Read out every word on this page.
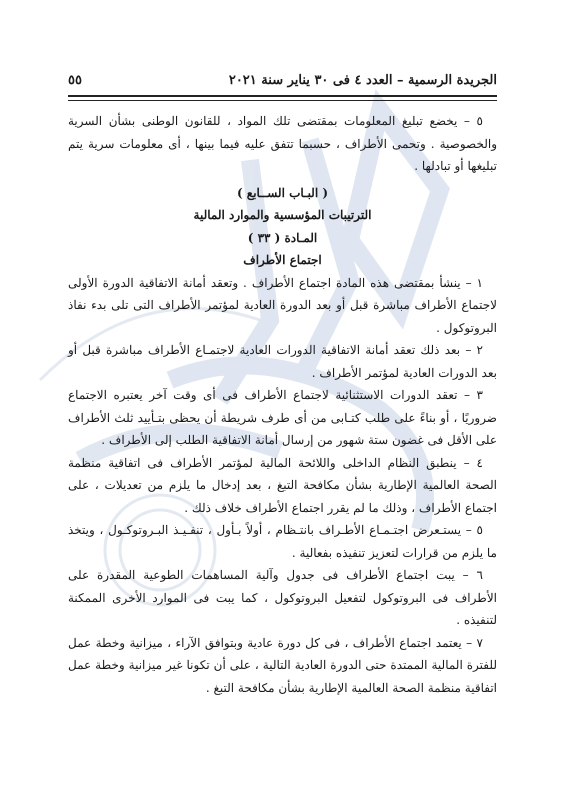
الجريدة الرسمية – العدد ٤ فى ٣٠ يناير سنة ٢٠٢١
٥٥

٥ – يخضع تبليغ المعلومات بمقتضى تلك المواد ، للقانون الوطنى بشأن السرية والخصوصية . وتحمى الأطراف ، حسبما تتفق عليه فيما بينها ، أى معلومات سرية يتم تبليغها أو تبادلها .

( البـاب الســابع )

الترتيبات المؤسسية والموارد المالية

المـادة ( ٣٣ )

اجتماع الأطراف

١ – ينشأ بمقتضى هذه المادة اجتماع الأطراف . وتعقد أمانة الاتفاقية الدورة الأولى لاجتماع الأطراف مباشرة قبل أو بعد الدورة العادية لمؤتمر الأطراف التى تلى بدء نفاذ البروتوكول .

٢ – بعد ذلك تعقد أمانة الاتفاقية الدورات العادية لاجتمـاع الأطراف مباشرة قبل أو بعد الدورات العادية لمؤتمر الأطراف .

٣ – تعقد الدورات الاستثنائية لاجتماع الأطراف فى أى وقت آخر يعتبره الاجتماع ضروريًا ، أو بناءً على طلب كتـابى من أى طرف شريطة أن يحظى بتـأييد ثلث الأطراف على الأقل فى غضون ستة شهور من إرسال أمانة الاتفاقية الطلب إلى الأطراف .

٤ – ينطبق النظام الداخلى واللائحة المالية لمؤتمر الأطراف فى اتفاقية منظمة الصحة العالمية الإطارية بشأن مكافحة التبغ ، بعد إدخال ما يلزم من تعديلات ، على اجتماع الأطراف ، وذلك ما لم يقرر اجتماع الأطراف خلاف ذلك .

٥ – يستـعرض اجتـمـاع الأطـراف بانتـظام ، أولاً بـأول ، تنفـيـذ البـروتوكـول ، ويتخذ ما يلزم من قرارات لتعزيز تنفيذه بفعالية .

٦ – يبت اجتماع الأطراف فى جدول وآلية المساهمات الطوعية المقدرة على الأطراف فى البروتوكول لتفعيل البروتوكول ، كما يبت فى الموارد الأخرى الممكنة لتنفيذه .

٧ – يعتمد اجتماع الأطراف ، فى كل دورة عادية وبتوافق الآراء ، ميزانية وخطة عمل للفترة المالية الممتدة حتى الدورة العادية التالية ، على أن تكونا غير ميزانية وخطة عمل اتفاقية منظمة الصحة العالمية الإطارية بشأن مكافحة التبغ .
